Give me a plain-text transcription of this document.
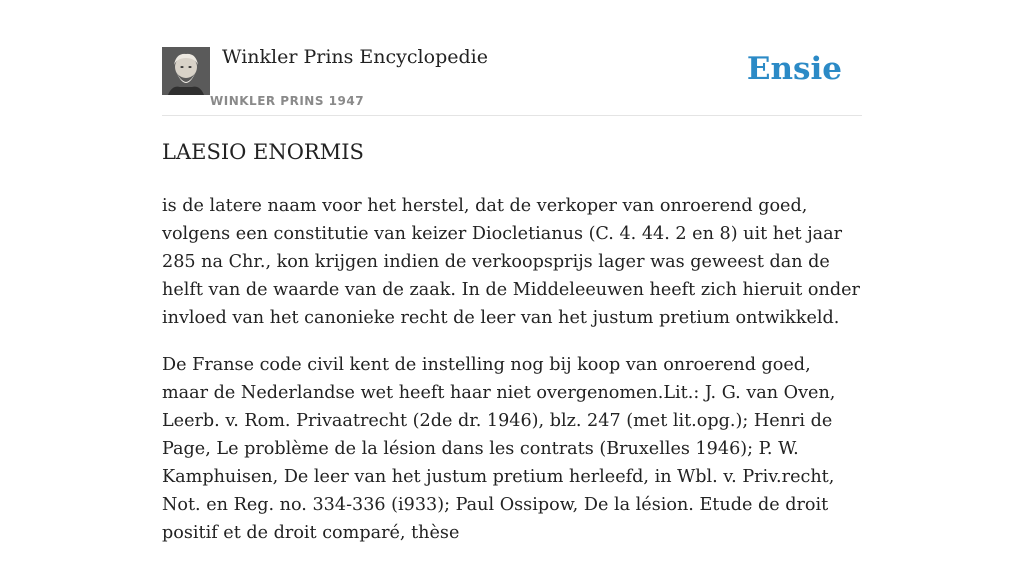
Winkler Prins Encyclopedie
WINKLER PRINS 1947
Ensie
LAESIO ENORMIS

is de latere naam voor het herstel, dat de verkoper van onroerend goed, volgens een constitutie van keizer Diocletianus (C. 4. 44. 2 en 8) uit het jaar 285 na Chr., kon krijgen indien de verkoopsprijs lager was geweest dan de helft van de waarde van de zaak. In de Middeleeuwen heeft zich hieruit onder invloed van het canonieke recht de leer van het justum pretium ontwikkeld.

De Franse code civil kent de instelling nog bij koop van onroerend goed, maar de Nederlandse wet heeft haar niet overgenomen.Lit.: J. G. van Oven, Leerb. v. Rom. Privaatrecht (2de dr. 1946), blz. 247 (met lit.opg.); Henri de Page, Le problème de la lésion dans les contrats (Bruxelles 1946); P. W. Kamphuisen, De leer van het justum pretium herleefd, in Wbl. v. Priv.recht, Not. en Reg. no. 334-336 (i933); Paul Ossipow, De la lésion. Etude de droit positif et de droit comparé, thèse
